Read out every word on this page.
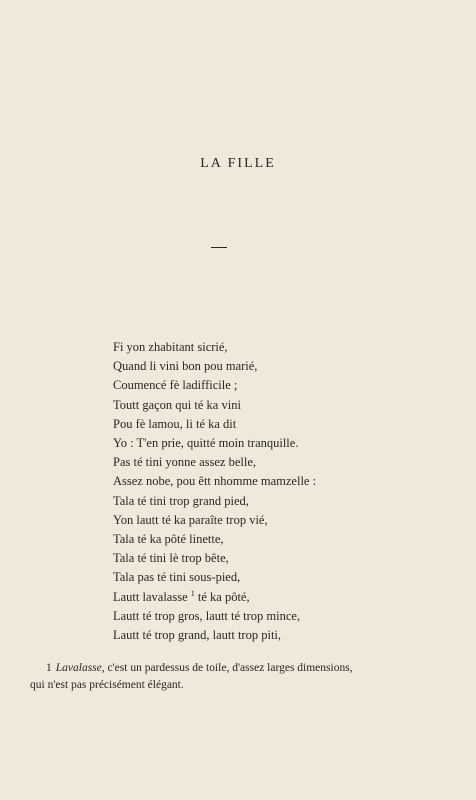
LA FILLE
Fi yon zhabitant sicrié,
Quand li vini bon pou marié,
Coumencé fè ladifficile ;
Toutt gaçon qui té ka vini
Pou fè lamou, li té ka dit
Yo : T'en prie, quitté moin tranquille.
Pas té tini yonne assez belle,
Assez nobe, pou êtt nhomme mamzelle :
Tala té tini trop grand pied,
Yon lautt té ka paraîte trop vié,
Tala té ka pôté linette,
Tala té tini lè trop bête,
Tala pas té tini sous-pied,
Lautt lavalasse $^1$ té ka pôté,
Lautt té trop gros, lautt té trop mince,
Lautt té trop grand, lautt trop piti,
1 Lavalasse, c'est un pardessus de toile, d'assez larges dimensions,
qui n'est pas précisément élégant.
